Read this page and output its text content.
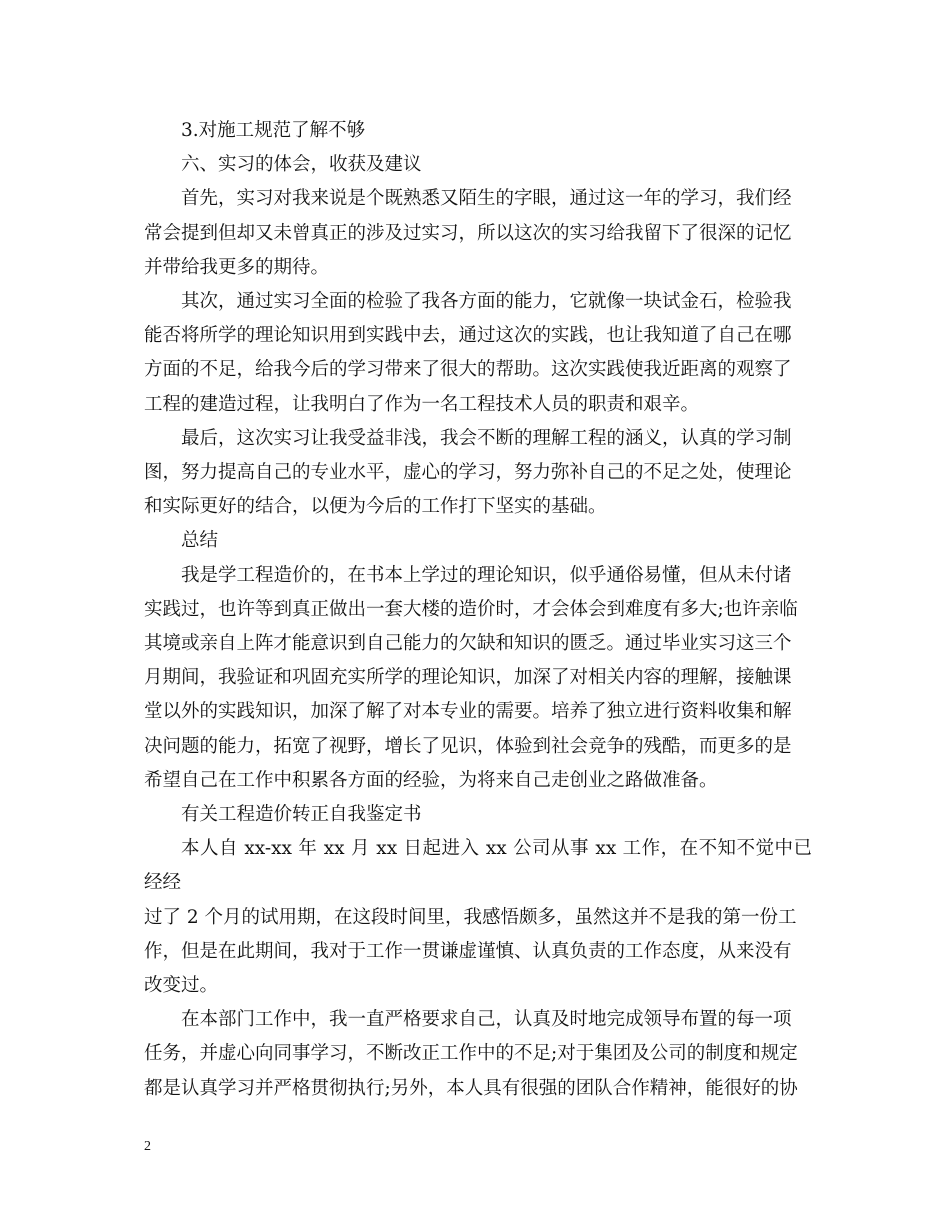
3.对施工规范了解不够

六、实习的体会，收获及建议

首先，实习对我来说是个既熟悉又陌生的字眼，通过这一年的学习，我们经
常会提到但却又未曾真正的涉及过实习，所以这次的实习给我留下了很深的记忆
并带给我更多的期待。

其次，通过实习全面的检验了我各方面的能力，它就像一块试金石，检验我
能否将所学的理论知识用到实践中去，通过这次的实践，也让我知道了自己在哪
方面的不足，给我今后的学习带来了很大的帮助。这次实践使我近距离的观察了
工程的建造过程，让我明白了作为一名工程技术人员的职责和艰辛。

最后，这次实习让我受益非浅，我会不断的理解工程的涵义，认真的学习制
图，努力提高自己的专业水平，虚心的学习，努力弥补自己的不足之处，使理论
和实际更好的结合，以便为今后的工作打下坚实的基础。

总结

我是学工程造价的，在书本上学过的理论知识，似乎通俗易懂，但从未付诸
实践过，也许等到真正做出一套大楼的造价时，才会体会到难度有多大;也许亲临
其境或亲自上阵才能意识到自己能力的欠缺和知识的匮乏。通过毕业实习这三个
月期间，我验证和巩固充实所学的理论知识，加深了对相关内容的理解，接触课
堂以外的实践知识，加深了解了对本专业的需要。培养了独立进行资料收集和解
决问题的能力，拓宽了视野，增长了见识，体验到社会竞争的残酷，而更多的是
希望自己在工作中积累各方面的经验，为将来自己走创业之路做准备。

有关工程造价转正自我鉴定书

本人自 xx-xx 年 xx 月 xx 日起进入 xx 公司从事 xx 工作，在不知不觉中已经经
过了 2 个月的试用期，在这段时间里，我感悟颇多，虽然这并不是我的第一份工
作，但是在此期间，我对于工作一贯谦虚谨慎、认真负责的工作态度，从来没有
改变过。

在本部门工作中，我一直严格要求自己，认真及时地完成领导布置的每一项
任务，并虚心向同事学习，不断改正工作中的不足;对于集团及公司的制度和规定
都是认真学习并严格贯彻执行;另外，本人具有很强的团队合作精神，能很好的协

2
